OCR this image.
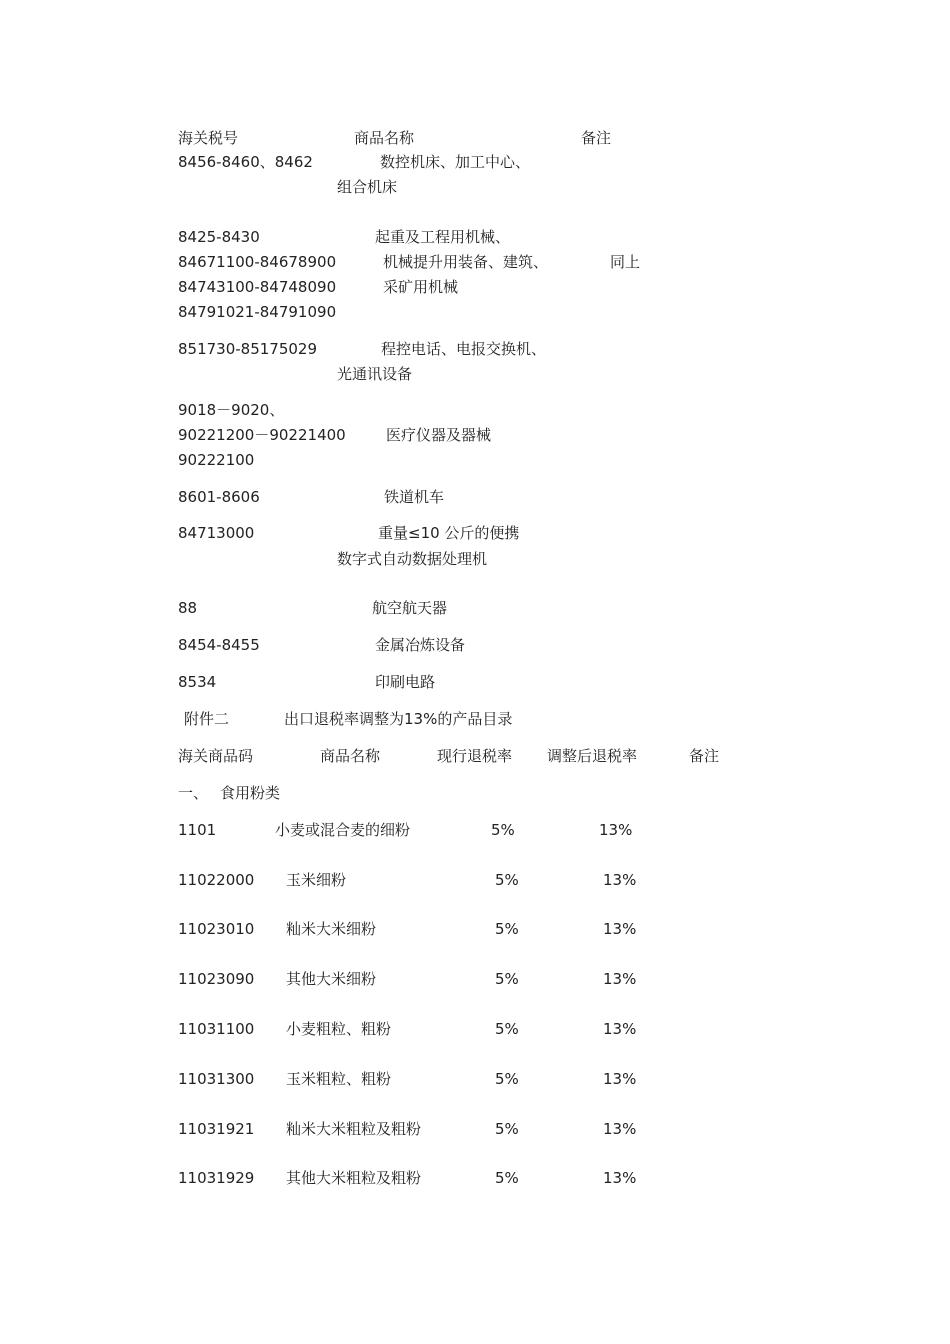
海关税号	商品名称	备注
8456-8460、8462	数控机床、加工中心、
组合机床
8425-8430	起重及工程用机械、
84671100-84678900	机械提升用装备、建筑、	同上
84743100-84748090	采矿用机械
84791021-84791090
851730-85175029	程控电话、电报交换机、
光通讯设备
9018－9020、
90221200－90221400	医疗仪器及器械
90222100
8601-8606	铁道机车
84713000	重量≤10 公斤的便携
数字式自动数据处理机
88	航空航天器
8454-8455	金属冶炼设备
8534	印刷电路
附件二	出口退税率调整为13%的产品目录
海关商品码	商品名称	现行退税率 调整后退税率	备注
一、 食用粉类
1101	小麦或混合麦的细粉	5%	13%
11022000 玉米细粉	5%	13%
11023010 籼米大米细粉	5%	13%
11023090 其他大米细粉	5%	13%
11031100 小麦粗粒、粗粉	5%	13%
11031300 玉米粗粒、粗粉	5%	13%
11031921 籼米大米粗粒及粗粉	5%	13%
11031929 其他大米粗粒及粗粉	5%	13%
